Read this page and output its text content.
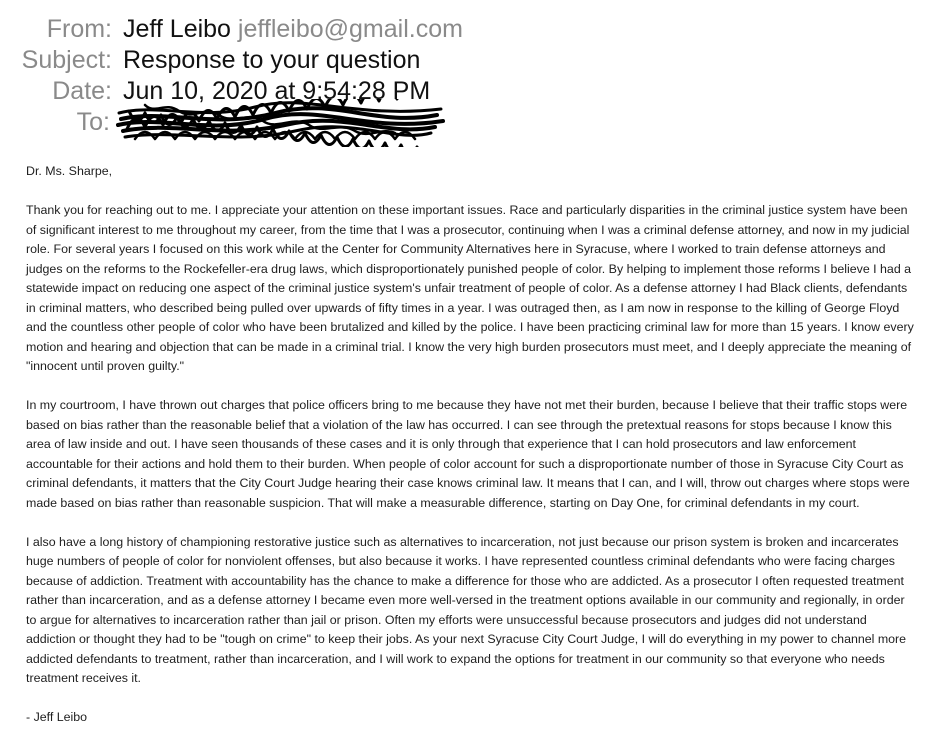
From: Jeff Leibo jeffleibo@gmail.com
Subject: Response to your question
Date: Jun 10, 2020 at 9:54:28 PM
To:

Dr. Ms. Sharpe,

Thank you for reaching out to me. I appreciate your attention on these important issues. Race and particularly disparities in the criminal justice system have been of significant interest to me throughout my career, from the time that I was a prosecutor, continuing when I was a criminal defense attorney, and now in my judicial role. For several years I focused on this work while at the Center for Community Alternatives here in Syracuse, where I worked to train defense attorneys and judges on the reforms to the Rockefeller-era drug laws, which disproportionately punished people of color. By helping to implement those reforms I believe I had a statewide impact on reducing one aspect of the criminal justice system's unfair treatment of people of color. As a defense attorney I had Black clients, defendants in criminal matters, who described being pulled over upwards of fifty times in a year. I was outraged then, as I am now in response to the killing of George Floyd and the countless other people of color who have been brutalized and killed by the police. I have been practicing criminal law for more than 15 years. I know every motion and hearing and objection that can be made in a criminal trial. I know the very high burden prosecutors must meet, and I deeply appreciate the meaning of "innocent until proven guilty."

In my courtroom, I have thrown out charges that police officers bring to me because they have not met their burden, because I believe that their traffic stops were based on bias rather than the reasonable belief that a violation of the law has occurred. I can see through the pretextual reasons for stops because I know this area of law inside and out. I have seen thousands of these cases and it is only through that experience that I can hold prosecutors and law enforcement accountable for their actions and hold them to their burden. When people of color account for such a disproportionate number of those in Syracuse City Court as criminal defendants, it matters that the City Court Judge hearing their case knows criminal law. It means that I can, and I will, throw out charges where stops were made based on bias rather than reasonable suspicion. That will make a measurable difference, starting on Day One, for criminal defendants in my court.

I also have a long history of championing restorative justice such as alternatives to incarceration, not just because our prison system is broken and incarcerates huge numbers of people of color for nonviolent offenses, but also because it works. I have represented countless criminal defendants who were facing charges because of addiction. Treatment with accountability has the chance to make a difference for those who are addicted. As a prosecutor I often requested treatment rather than incarceration, and as a defense attorney I became even more well-versed in the treatment options available in our community and regionally, in order to argue for alternatives to incarceration rather than jail or prison. Often my efforts were unsuccessful because prosecutors and judges did not understand addiction or thought they had to be "tough on crime" to keep their jobs. As your next Syracuse City Court Judge, I will do everything in my power to channel more addicted defendants to treatment, rather than incarceration, and I will work to expand the options for treatment in our community so that everyone who needs treatment receives it.

- Jeff Leibo
